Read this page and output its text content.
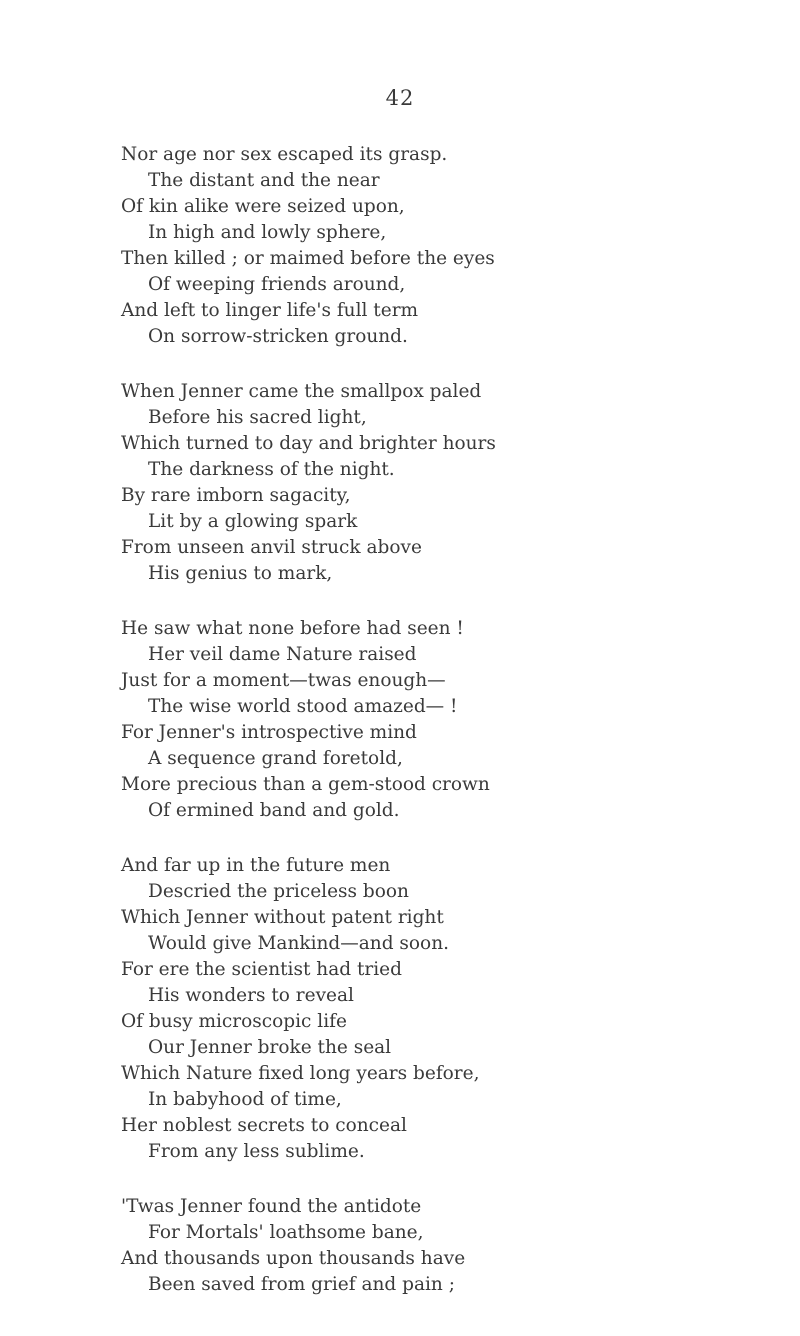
42
Nor age nor sex escaped its grasp.
The distant and the near
Of kin alike were seized upon,
In high and lowly sphere,
Then killed ; or maimed before the eyes
Of weeping friends around,
And left to linger life's full term
On sorrow-stricken ground.
When Jenner came the smallpox paled
Before his sacred light,
Which turned to day and brighter hours
The darkness of the night.
By rare imborn sagacity,
Lit by a glowing spark
From unseen anvil struck above
His genius to mark,
He saw what none before had seen !
Her veil dame Nature raised
Just for a moment—twas enough—
The wise world stood amazed— !
For Jenner's introspective mind
A sequence grand foretold,
More precious than a gem-stood crown
Of ermined band and gold.
And far up in the future men
Descried the priceless boon
Which Jenner without patent right
Would give Mankind—and soon.
For ere the scientist had tried
His wonders to reveal
Of busy microscopic life
Our Jenner broke the seal
Which Nature fixed long years before,
In babyhood of time,
Her noblest secrets to conceal
From any less sublime.
'Twas Jenner found the antidote
For Mortals' loathsome bane,
And thousands upon thousands have
Been saved from grief and pain ;
